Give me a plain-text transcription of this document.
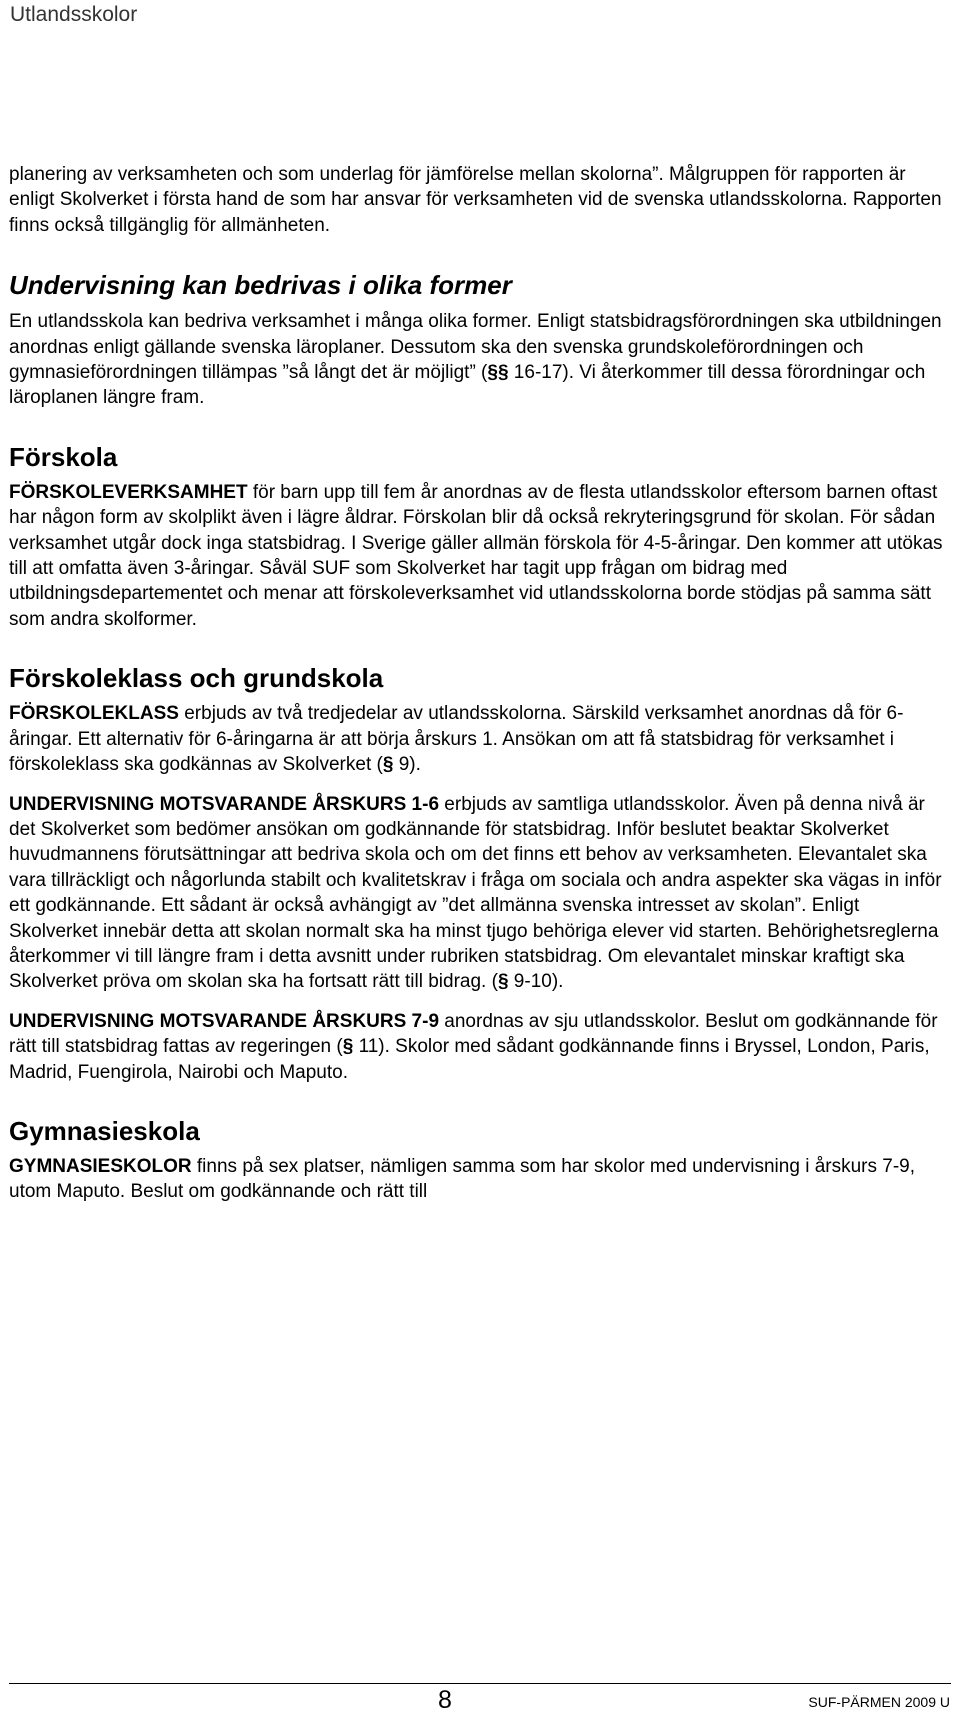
Utlandsskolor

planering av verksamheten och som underlag för jämförelse mellan skolorna”. Målgruppen för rapporten är enligt Skolverket i första hand de som har ansvar för verksamheten vid de svenska utlandsskolorna. Rapporten finns också tillgänglig för allmänheten.

Undervisning kan bedrivas i olika former

En utlandsskola kan bedriva verksamhet i många olika former. Enligt statsbidragsförordningen ska utbildningen anordnas enligt gällande svenska läroplaner. Dessutom ska den svenska grundskoleförordningen och gymnasieförordningen tillämpas ”så långt det är möjligt” (§§ 16-17). Vi återkommer till dessa förordningar och läroplanen längre fram.

Förskola

FÖRSKOLEVERKSAMHET för barn upp till fem år anordnas av de flesta utlandsskolor eftersom barnen oftast har någon form av skolplikt även i lägre åldrar. Förskolan blir då också rekryteringsgrund för skolan. För sådan verksamhet utgår dock inga statsbidrag. I Sverige gäller allmän förskola för 4-5-åringar. Den kommer att utökas till att omfatta även 3-åringar. Såväl SUF som Skolverket har tagit upp frågan om bidrag med utbildningsdepartementet och menar att förskoleverksamhet vid utlandsskolorna borde stödjas på samma sätt som andra skolformer.

Förskoleklass och grundskola

FÖRSKOLEKLASS erbjuds av två tredjedelar av utlandsskolorna. Särskild verksamhet anordnas då för 6-åringar. Ett alternativ för 6-åringarna är att börja årskurs 1. Ansökan om att få statsbidrag för verksamhet i förskoleklass ska godkännas av Skolverket (§ 9).

UNDERVISNING MOTSVARANDE ÅRSKURS 1-6 erbjuds av samtliga utlandsskolor. Även på denna nivå är det Skolverket som bedömer ansökan om godkännande för statsbidrag. Inför beslutet beaktar Skolverket huvudmannens förutsättningar att bedriva skola och om det finns ett behov av verksamheten. Elevantalet ska vara tillräckligt och någorlunda stabilt och kvalitetskrav i fråga om sociala och andra aspekter ska vägas in inför ett godkännande. Ett sådant är också avhängigt av ”det allmänna svenska intresset av skolan”. Enligt Skolverket innebär detta att skolan normalt ska ha minst tjugo behöriga elever vid starten. Behörighetsreglerna återkommer vi till längre fram i detta avsnitt under rubriken statsbidrag. Om elevantalet minskar kraftigt ska Skolverket pröva om skolan ska ha fortsatt rätt till bidrag. (§ 9-10).

UNDERVISNING MOTSVARANDE ÅRSKURS 7-9 anordnas av sju utlandsskolor. Beslut om godkännande för rätt till statsbidrag fattas av regeringen (§ 11). Skolor med sådant godkännande finns i Bryssel, London, Paris, Madrid, Fuengirola, Nairobi och Maputo.

Gymnasieskola

GYMNASIESKOLOR finns på sex platser, nämligen samma som har skolor med undervisning i årskurs 7-9, utom Maputo. Beslut om godkännande och rätt till

8	SUF-PÄRMEN 2009 U
